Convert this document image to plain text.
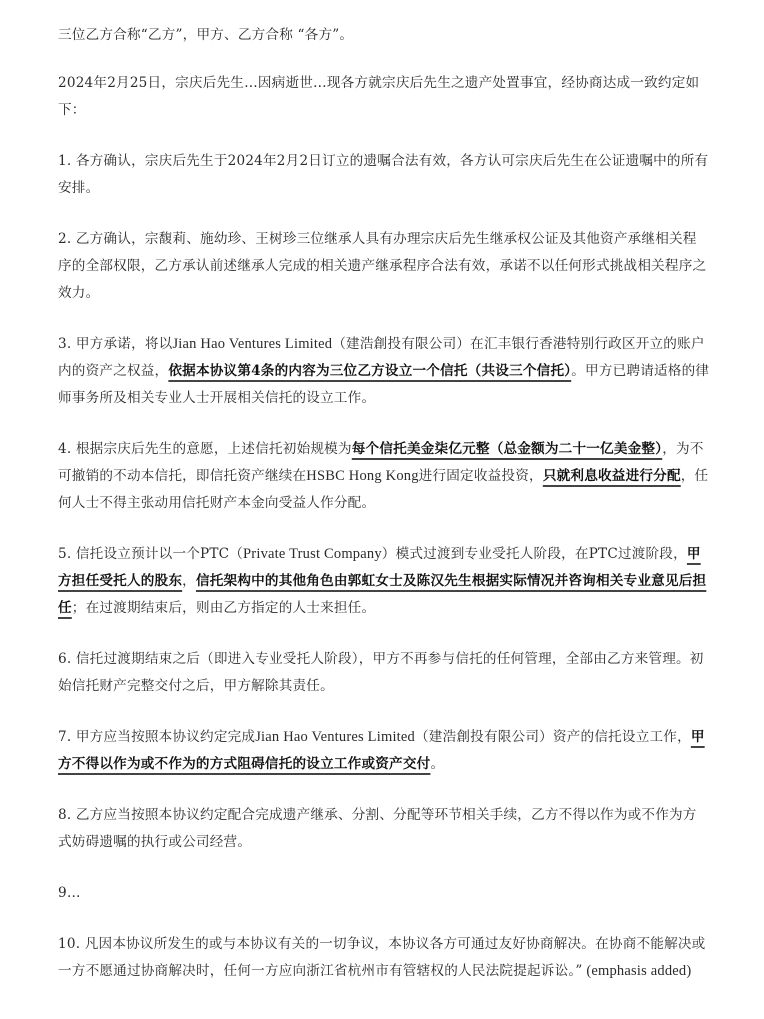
三位乙方合称“乙方”，甲方、乙方合称 “各方”。

2024年2月25日，宗庆后先生…因病逝世…现各方就宗庆后先生之遗产处置事宜，经协商达成一致约定如下：

1. 各方确认，宗庆后先生于2024年2月2日订立的遗嘱合法有效，各方认可宗庆后先生在公证遗嘱中的所有安排。

2. 乙方确认，宗馥莉、施幼珍、王树珍三位继承人具有办理宗庆后先生继承权公证及其他资产承继相关程序的全部权限，乙方承认前述继承人完成的相关遗产继承程序合法有效，承诺不以任何形式挑战相关程序之效力。

3. 甲方承诺，将以Jian Hao Ventures Limited（建浩創投有限公司）在汇丰银行香港特别行政区开立的账户内的资产之权益，依据本协议第4条的内容为三位乙方设立一个信托（共设三个信托）。甲方已聘请适格的律师事务所及相关专业人士开展相关信托的设立工作。

4. 根据宗庆后先生的意愿，上述信托初始规模为每个信托美金柒亿元整（总金额为二十一亿美金整），为不可撤销的不动本信托，即信托资产继续在HSBC Hong Kong进行固定收益投资，只就利息收益进行分配，任何人士不得主张动用信托财产本金向受益人作分配。

5. 信托设立预计以一个PTC（Private Trust Company）模式过渡到专业受托人阶段，在PTC过渡阶段，甲方担任受托人的股东，信托架构中的其他角色由郭虹女士及陈汉先生根据实际情况并咨询相关专业意见后担任；在过渡期结束后，则由乙方指定的人士来担任。

6. 信托过渡期结束之后（即进入专业受托人阶段），甲方不再参与信托的任何管理，全部由乙方来管理。初始信托财产完整交付之后，甲方解除其责任。

7. 甲方应当按照本协议约定完成Jian Hao Ventures Limited（建浩創投有限公司）资产的信托设立工作，甲方不得以作为或不作为的方式阻碍信托的设立工作或资产交付。

8. 乙方应当按照本协议约定配合完成遗产继承、分割、分配等环节相关手续，乙方不得以作为或不作为方式妨碍遗嘱的执行或公司经营。

9…

10. 凡因本协议所发生的或与本协议有关的一切争议，本协议各方可通过友好协商解决。在协商不能解决或一方不愿通过协商解决时，任何一方应向浙江省杭州市有管辖权的人民法院提起诉讼。” (emphasis added)
